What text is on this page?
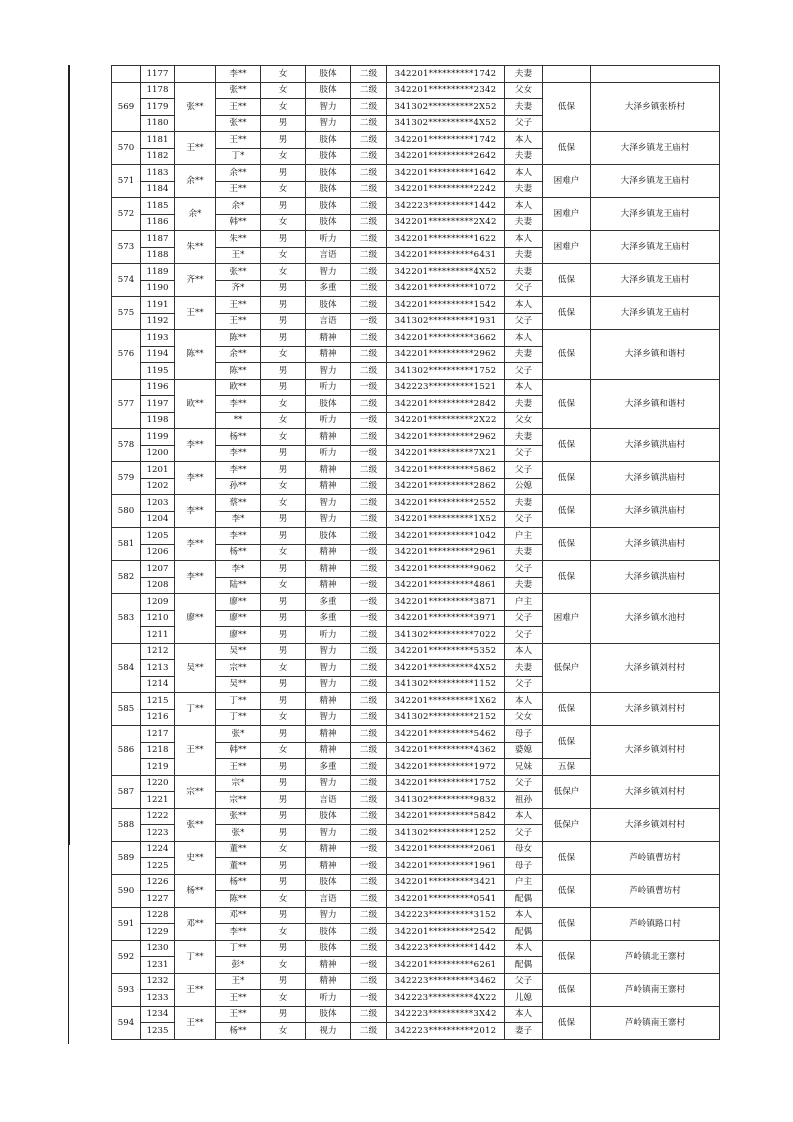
	1177		李**	女	肢体	二级	342201**********1742	夫妻		
569	1178	张**	张**	女	肢体	二级	342201**********2342	父女	低保	大泽乡镇张桥村
	1179		王**	女	智力	二级	341302**********2X52	夫妻		
	1180		张**	男	智力	二级	341302**********4X52	父子		
570	1181	王**	王**	男	肢体	二级	342201**********1742	本人	低保	大泽乡镇龙王庙村
	1182		丁*	女	肢体	二级	342201**********2642	夫妻		
571	1183	余**	余**	男	肢体	二级	342201**********1642	本人	困难户	大泽乡镇龙王庙村
	1184		王**	女	肢体	二级	342201**********2242	夫妻		
572	1185	余*	余*	男	肢体	二级	342223**********1442	本人	困难户	大泽乡镇龙王庙村
	1186		韩**	女	肢体	二级	342201**********2X42	夫妻		
573	1187	朱**	朱**	男	听力	二级	342201**********1622	本人	困难户	大泽乡镇龙王庙村
	1188		王*	女	言语	二级	342201**********6431	夫妻		
574	1189	齐**	张**	女	智力	二级	342201**********4X52	夫妻	低保	大泽乡镇龙王庙村
	1190		齐*	男	多重	二级	342201**********1072	父子		
575	1191	王**	王**	男	肢体	二级	342201**********1542	本人	低保	大泽乡镇龙王庙村
	1192		王**	男	言语	一级	341302**********1931	父子		
576	1193	陈**	陈**	男	精神	二级	342201**********3662	本人	低保	大泽乡镇和谐村
	1194		余**	女	精神	二级	342201**********2962	夫妻		
	1195		陈**	男	智力	二级	341302**********1752	父子		
577	1196	欧**	欧**	男	听力	一级	342223**********1521	本人	低保	大泽乡镇和谐村
	1197		李**	女	肢体	二级	342201**********2842	夫妻		
	1198		**	女	听力	一级	342201**********2X22	父女		
578	1199	李**	杨**	女	精神	二级	342201**********2962	夫妻	低保	大泽乡镇洪庙村
	1200		李**	男	听力	一级	342201**********7X21	父子		
579	1201	李**	李**	男	精神	二级	342201**********5862	父子	低保	大泽乡镇洪庙村
	1202		孙**	女	精神	二级	342201**********2862	公媳		
580	1203	李**	蔡**	女	智力	二级	342201**********2552	夫妻	低保	大泽乡镇洪庙村
	1204		李*	男	智力	二级	342201**********1X52	父子		
581	1205	李**	李**	男	肢体	二级	342201**********1042	户主	低保	大泽乡镇洪庙村
	1206		杨**	女	精神	一级	342201**********2961	夫妻		
582	1207	李**	李*	男	精神	二级	342201**********9062	父子	低保	大泽乡镇洪庙村
	1208		陆**	女	精神	一级	342201**********4861	夫妻		
583	1209	廖**	廖**	男	多重	一级	342201**********3871	户主	困难户	大泽乡镇水池村
	1210		廖**	男	多重	一级	342201**********3971	父子		
	1211		廖**	男	听力	二级	341302**********7022	父子		
584	1212	吴**	吴**	男	智力	二级	342201**********5352	本人	低保户	大泽乡镇刘村村
	1213		宗**	女	智力	二级	342201**********4X52	夫妻		
	1214		吴**	男	智力	二级	341302**********1152	父子		
585	1215	丁**	丁**	男	精神	二级	342201**********1X62	本人	低保	大泽乡镇刘村村
	1216		丁**	女	智力	二级	341302**********2152	父女		
586	1217	王**	张*	男	精神	二级	342201**********5462	母子	低保	大泽乡镇刘村村
	1218		韩**	女	精神	二级	342201**********4362	婆媳		
	1219		王**	男	多重	二级	342201**********1972	兄妹	五保	
587	1220	宗**	宗*	男	智力	二级	342201**********1752	父子	低保户	大泽乡镇刘村村
	1221		宗**	男	言语	二级	341302**********9832	祖孙		
588	1222	张**	张**	男	肢体	二级	342201**********5842	本人	低保户	大泽乡镇刘村村
	1223		张*	男	智力	二级	341302**********1252	父子		
589	1224	史**	董**	女	精神	一级	342201**********2061	母女	低保	芦岭镇曹坊村
	1225		董**	男	精神	一级	342201**********1961	母子		
590	1226	杨**	杨**	男	肢体	二级	342201**********3421	户主	低保	芦岭镇曹坊村
	1227		陈**	女	言语	二级	342201**********0541	配偶		
591	1228	邓**	邓**	男	智力	二级	342223**********3152	本人	低保	芦岭镇路口村
	1229		李**	女	肢体	二级	342201**********2542	配偶		
592	1230	丁**	丁**	男	肢体	二级	342223**********1442	本人	低保	芦岭镇北王寨村
	1231		彭*	女	精神	一级	342201**********6261	配偶		
593	1232	王**	王*	男	精神	二级	342223**********3462	父子	低保	芦岭镇南王寨村
	1233		王**	女	听力	一级	342223**********4X22	儿媳		
594	1234	王**	王**	男	肢体	二级	342223**********3X42	本人	低保	芦岭镇南王寨村
	1235		杨**	女	视力	二级	342223**********2012	妻子		
